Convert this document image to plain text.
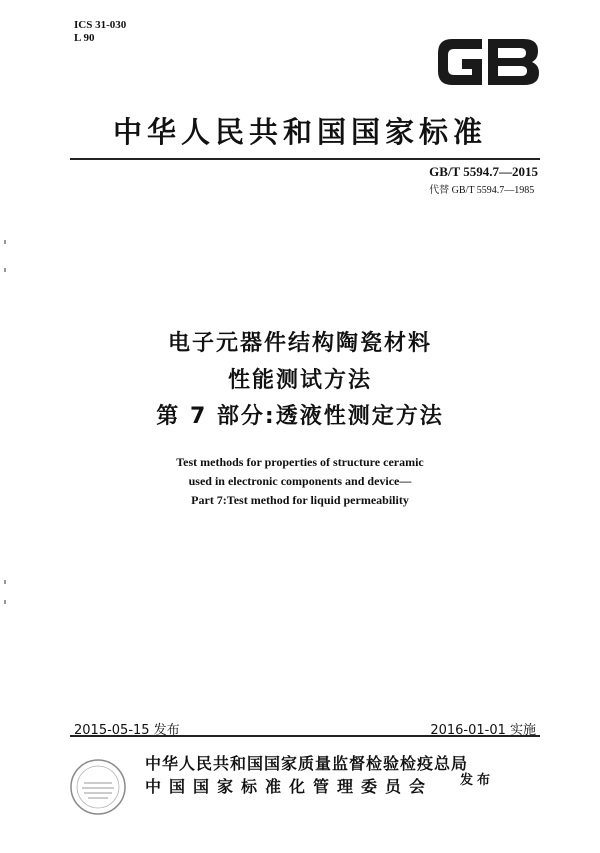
ICS 31-030
L 90
中华人民共和国国家标准
GB/T 5594.7—2015
代替 GB/T 5594.7—1985
电子元器件结构陶瓷材料
性能测试方法
第 7 部分:透液性测定方法
Test methods for properties of structure ceramic
used in electronic components and device—
Part 7:Test method for liquid permeability
2015-05-15 发布	2016-01-01 实施
中华人民共和国国家质量监督检验检疫总局
中国国家标准化管理委员会 发布
